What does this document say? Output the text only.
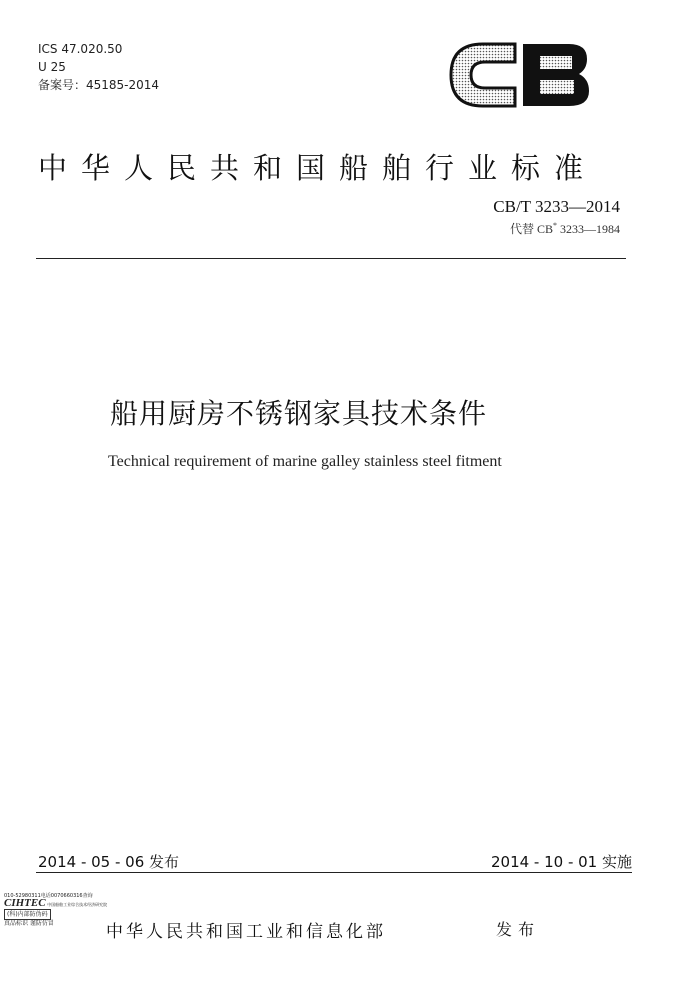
ICS 47.020.50
U 25
备案号：45185-2014
中华人民共和国船舶行业标准
CB/T 3233—2014
代替 CB* 3233—1984
船用厨房不锈钢家具技术条件
Technical requirement of marine galley stainless steel fitment
2014 - 05 - 06 发布	2014 - 10 - 01 实施
010-52980311电话0070660316查询
CIHTEC 中国船舶工业综合技术经济研究院
(科)内部防伪码
真品标识 谨防仿冒	中华人民共和国工业和信息化部	发布
